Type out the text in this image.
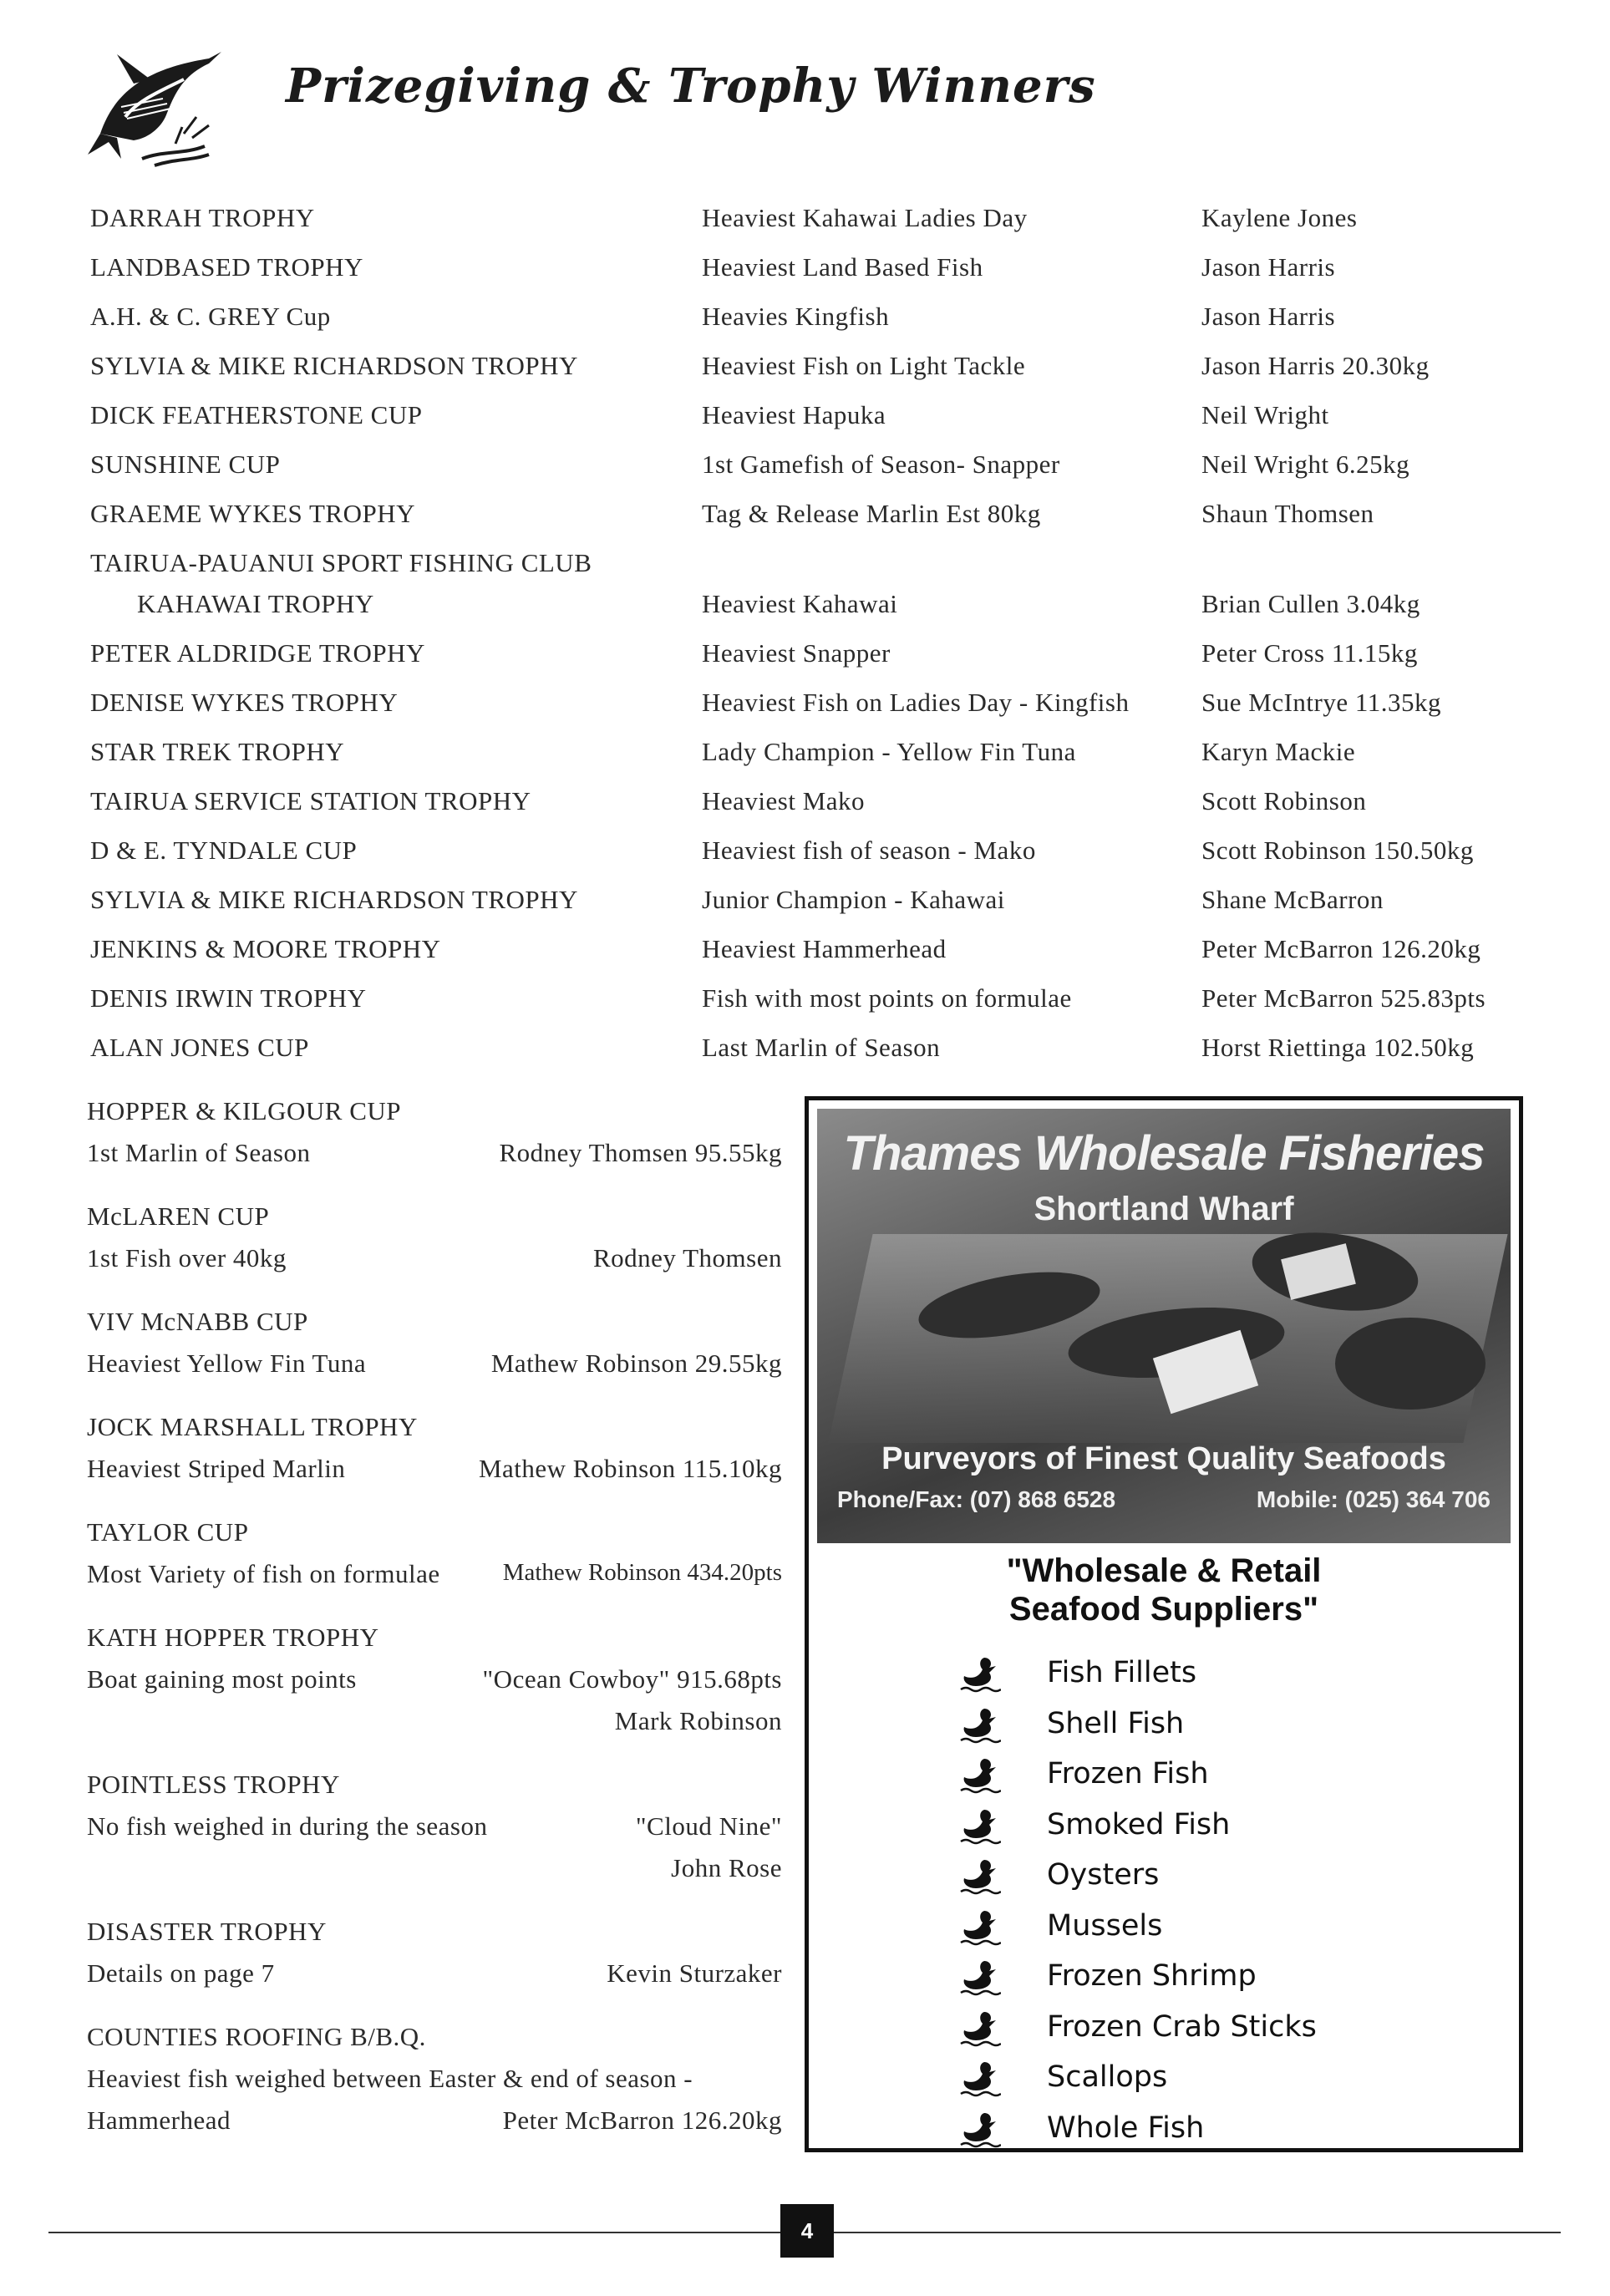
Prizegiving & Trophy Winners
DARRAH TROPHY	Heaviest Kahawai Ladies Day	Kaylene Jones
LANDBASED TROPHY	Heaviest Land Based Fish	Jason Harris
A.H. & C. GREY Cup	Heavies Kingfish	Jason Harris
SYLVIA & MIKE RICHARDSON TROPHY	Heaviest Fish on Light Tackle	Jason Harris 20.30kg
DICK FEATHERSTONE CUP	Heaviest Hapuka	Neil Wright
SUNSHINE CUP	1st Gamefish of Season- Snapper	Neil Wright 6.25kg
GRAEME WYKES TROPHY	Tag & Release Marlin Est 80kg	Shaun Thomsen
TAIRUA-PAUANUI SPORT FISHING CLUB
KAHAWAI TROPHY	Heaviest Kahawai	Brian Cullen 3.04kg
PETER ALDRIDGE TROPHY	Heaviest Snapper	Peter Cross 11.15kg
DENISE WYKES TROPHY	Heaviest Fish on Ladies Day - Kingfish	Sue McIntrye 11.35kg
STAR TREK TROPHY	Lady Champion - Yellow Fin Tuna	Karyn Mackie
TAIRUA SERVICE STATION TROPHY	Heaviest Mako	Scott Robinson
D & E. TYNDALE CUP	Heaviest fish of season - Mako	Scott Robinson 150.50kg
SYLVIA & MIKE RICHARDSON TROPHY	Junior Champion - Kahawai	Shane McBarron
JENKINS & MOORE TROPHY	Heaviest Hammerhead	Peter McBarron 126.20kg
DENIS IRWIN TROPHY	Fish with most points on formulae	Peter McBarron 525.83pts
ALAN JONES CUP	Last Marlin of Season	Horst Riettinga 102.50kg
HOPPER & KILGOUR CUP
1st Marlin of Season	Rodney Thomsen 95.55kg
McLAREN CUP
1st Fish over 40kg	Rodney Thomsen
VIV McNABB CUP
Heaviest Yellow Fin Tuna	Mathew Robinson 29.55kg
JOCK MARSHALL TROPHY
Heaviest Striped Marlin	Mathew Robinson 115.10kg
TAYLOR CUP
Most Variety of fish on formulae	Mathew Robinson 434.20pts
KATH HOPPER TROPHY
Boat gaining most points	"Ocean Cowboy" 915.68pts
Mark Robinson
POINTLESS TROPHY
No fish weighed in during the season	"Cloud Nine"
John Rose
DISASTER TROPHY
Details on page 7	Kevin Sturzaker
COUNTIES ROOFING B/B.Q.
Heaviest fish weighed between Easter & end of season -
Hammerhead	Peter McBarron 126.20kg
Thames Wholesale Fisheries
Shortland Wharf
Purveyors of Finest Quality Seafoods
Phone/Fax: (07) 868 6528	Mobile: (025) 364 706
"Wholesale & Retail
Seafood Suppliers"
Fish Fillets
Shell Fish
Frozen Fish
Smoked Fish
Oysters
Mussels
Frozen Shrimp
Frozen Crab Sticks
Scallops
Whole Fish
4
